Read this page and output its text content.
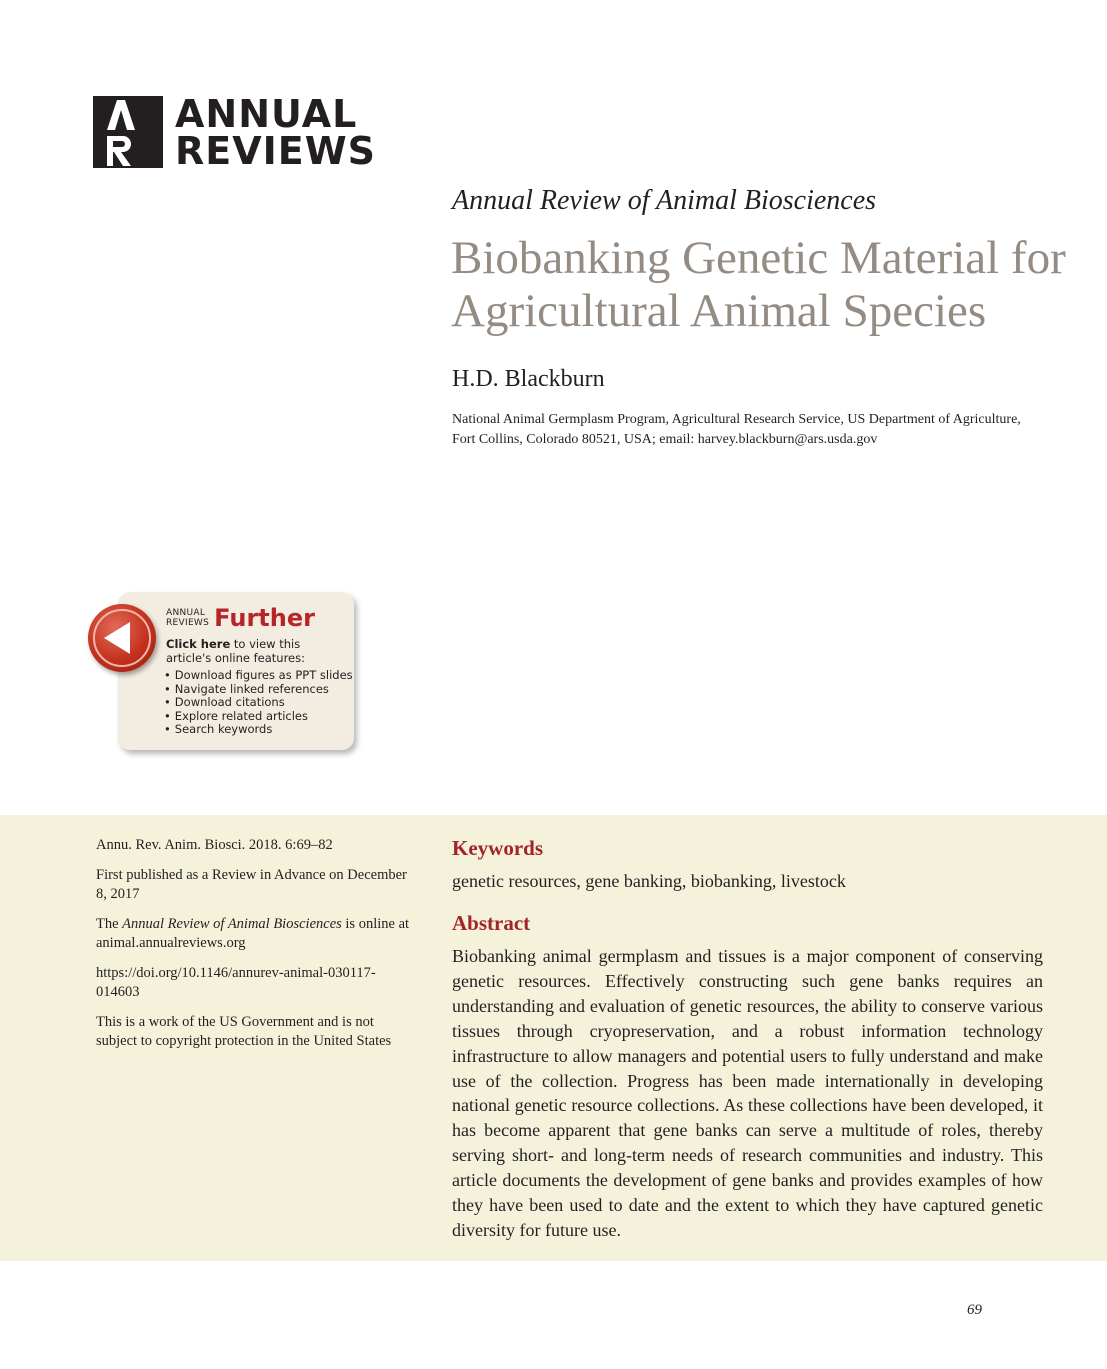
ANNUAL
REVIEWS
Annual Review of Animal Biosciences
Biobanking Genetic Material for Agricultural Animal Species
H.D. Blackburn
National Animal Germplasm Program, Agricultural Research Service, US Department of Agriculture, Fort Collins, Colorado 80521, USA; email: harvey.blackburn@ars.usda.gov
ANNUAL
REVIEWS Further
Click here to view this article's online features:
• Download figures as PPT slides
• Navigate linked references
• Download citations
• Explore related articles
• Search keywords

Annu. Rev. Anim. Biosci. 2018. 6:69–82

First published as a Review in Advance on December 8, 2017

The Annual Review of Animal Biosciences is online at animal.annualreviews.org

https://doi.org/10.1146/annurev-animal-030117-014603

This is a work of the US Government and is not subject to copyright protection in the United States

Keywords
genetic resources, gene banking, biobanking, livestock
Abstract

Biobanking animal germplasm and tissues is a major component of conserving genetic resources. Effectively constructing such gene banks requires an understanding and evaluation of genetic resources, the ability to conserve various tissues through cryopreservation, and a robust information technology infrastructure to allow managers and potential users to fully understand and make use of the collection. Progress has been made internationally in developing national genetic resource collections. As these collections have been developed, it has become apparent that gene banks can serve a multitude of roles, thereby serving short- and long-term needs of research communities and industry. This article documents the development of gene banks and provides examples of how they have been used to date and the extent to which they have captured genetic diversity for future use.

69
